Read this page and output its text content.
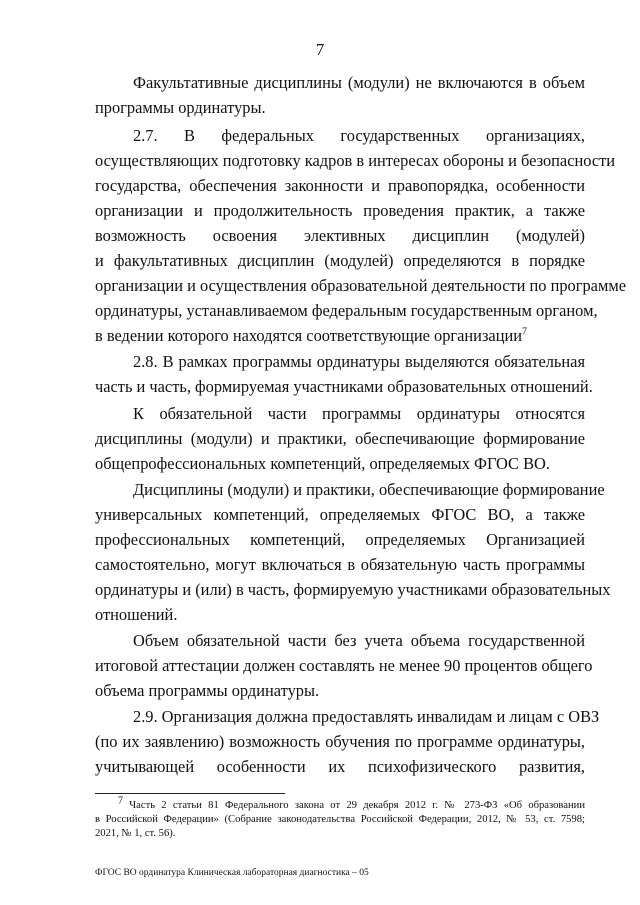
7
Факультативные дисциплины (модули) не включаются в объем
программы ординатуры.
2.7. В федеральных государственных организациях,
осуществляющих подготовку кадров в интересах обороны и безопасности
государства, обеспечения законности и правопорядка, особенности
организации и продолжительность проведения практик, а также
возможность освоения элективных дисциплин (модулей)
и факультативных дисциплин (модулей) определяются в порядке
организации и осуществления образовательной деятельности по программе
ординатуры, устанавливаемом федеральным государственным органом,
в ведении которого находятся соответствующие организации$^7$
2.8. В рамках программы ординатуры выделяются обязательная
часть и часть, формируемая участниками образовательных отношений.
К обязательной части программы ординатуры относятся
дисциплины (модули) и практики, обеспечивающие формирование
общепрофессиональных компетенций, определяемых ФГОС ВО.
Дисциплины (модули) и практики, обеспечивающие формирование
универсальных компетенций, определяемых ФГОС ВО, а также
профессиональных компетенций, определяемых Организацией
самостоятельно, могут включаться в обязательную часть программы
ординатуры и (или) в часть, формируемую участниками образовательных
отношений.
Объем обязательной части без учета объема государственной
итоговой аттестации должен составлять не менее 90 процентов общего
объема программы ординатуры.
2.9. Организация должна предоставлять инвалидам и лицам с ОВЗ
(по их заявлению) возможность обучения по программе ординатуры,
учитывающей особенности их психофизического развития,
$^7$ Часть 2 статьи 81 Федерального закона от 29 декабря 2012 г. № 273-ФЗ «Об образовании
в Российской Федерации» (Собрание законодательства Российской Федерации, 2012, № 53, ст. 7598;
2021, № 1, ст. 56).
ФГОС ВО ординатура Клиническая лабораторная диагностика – 05
